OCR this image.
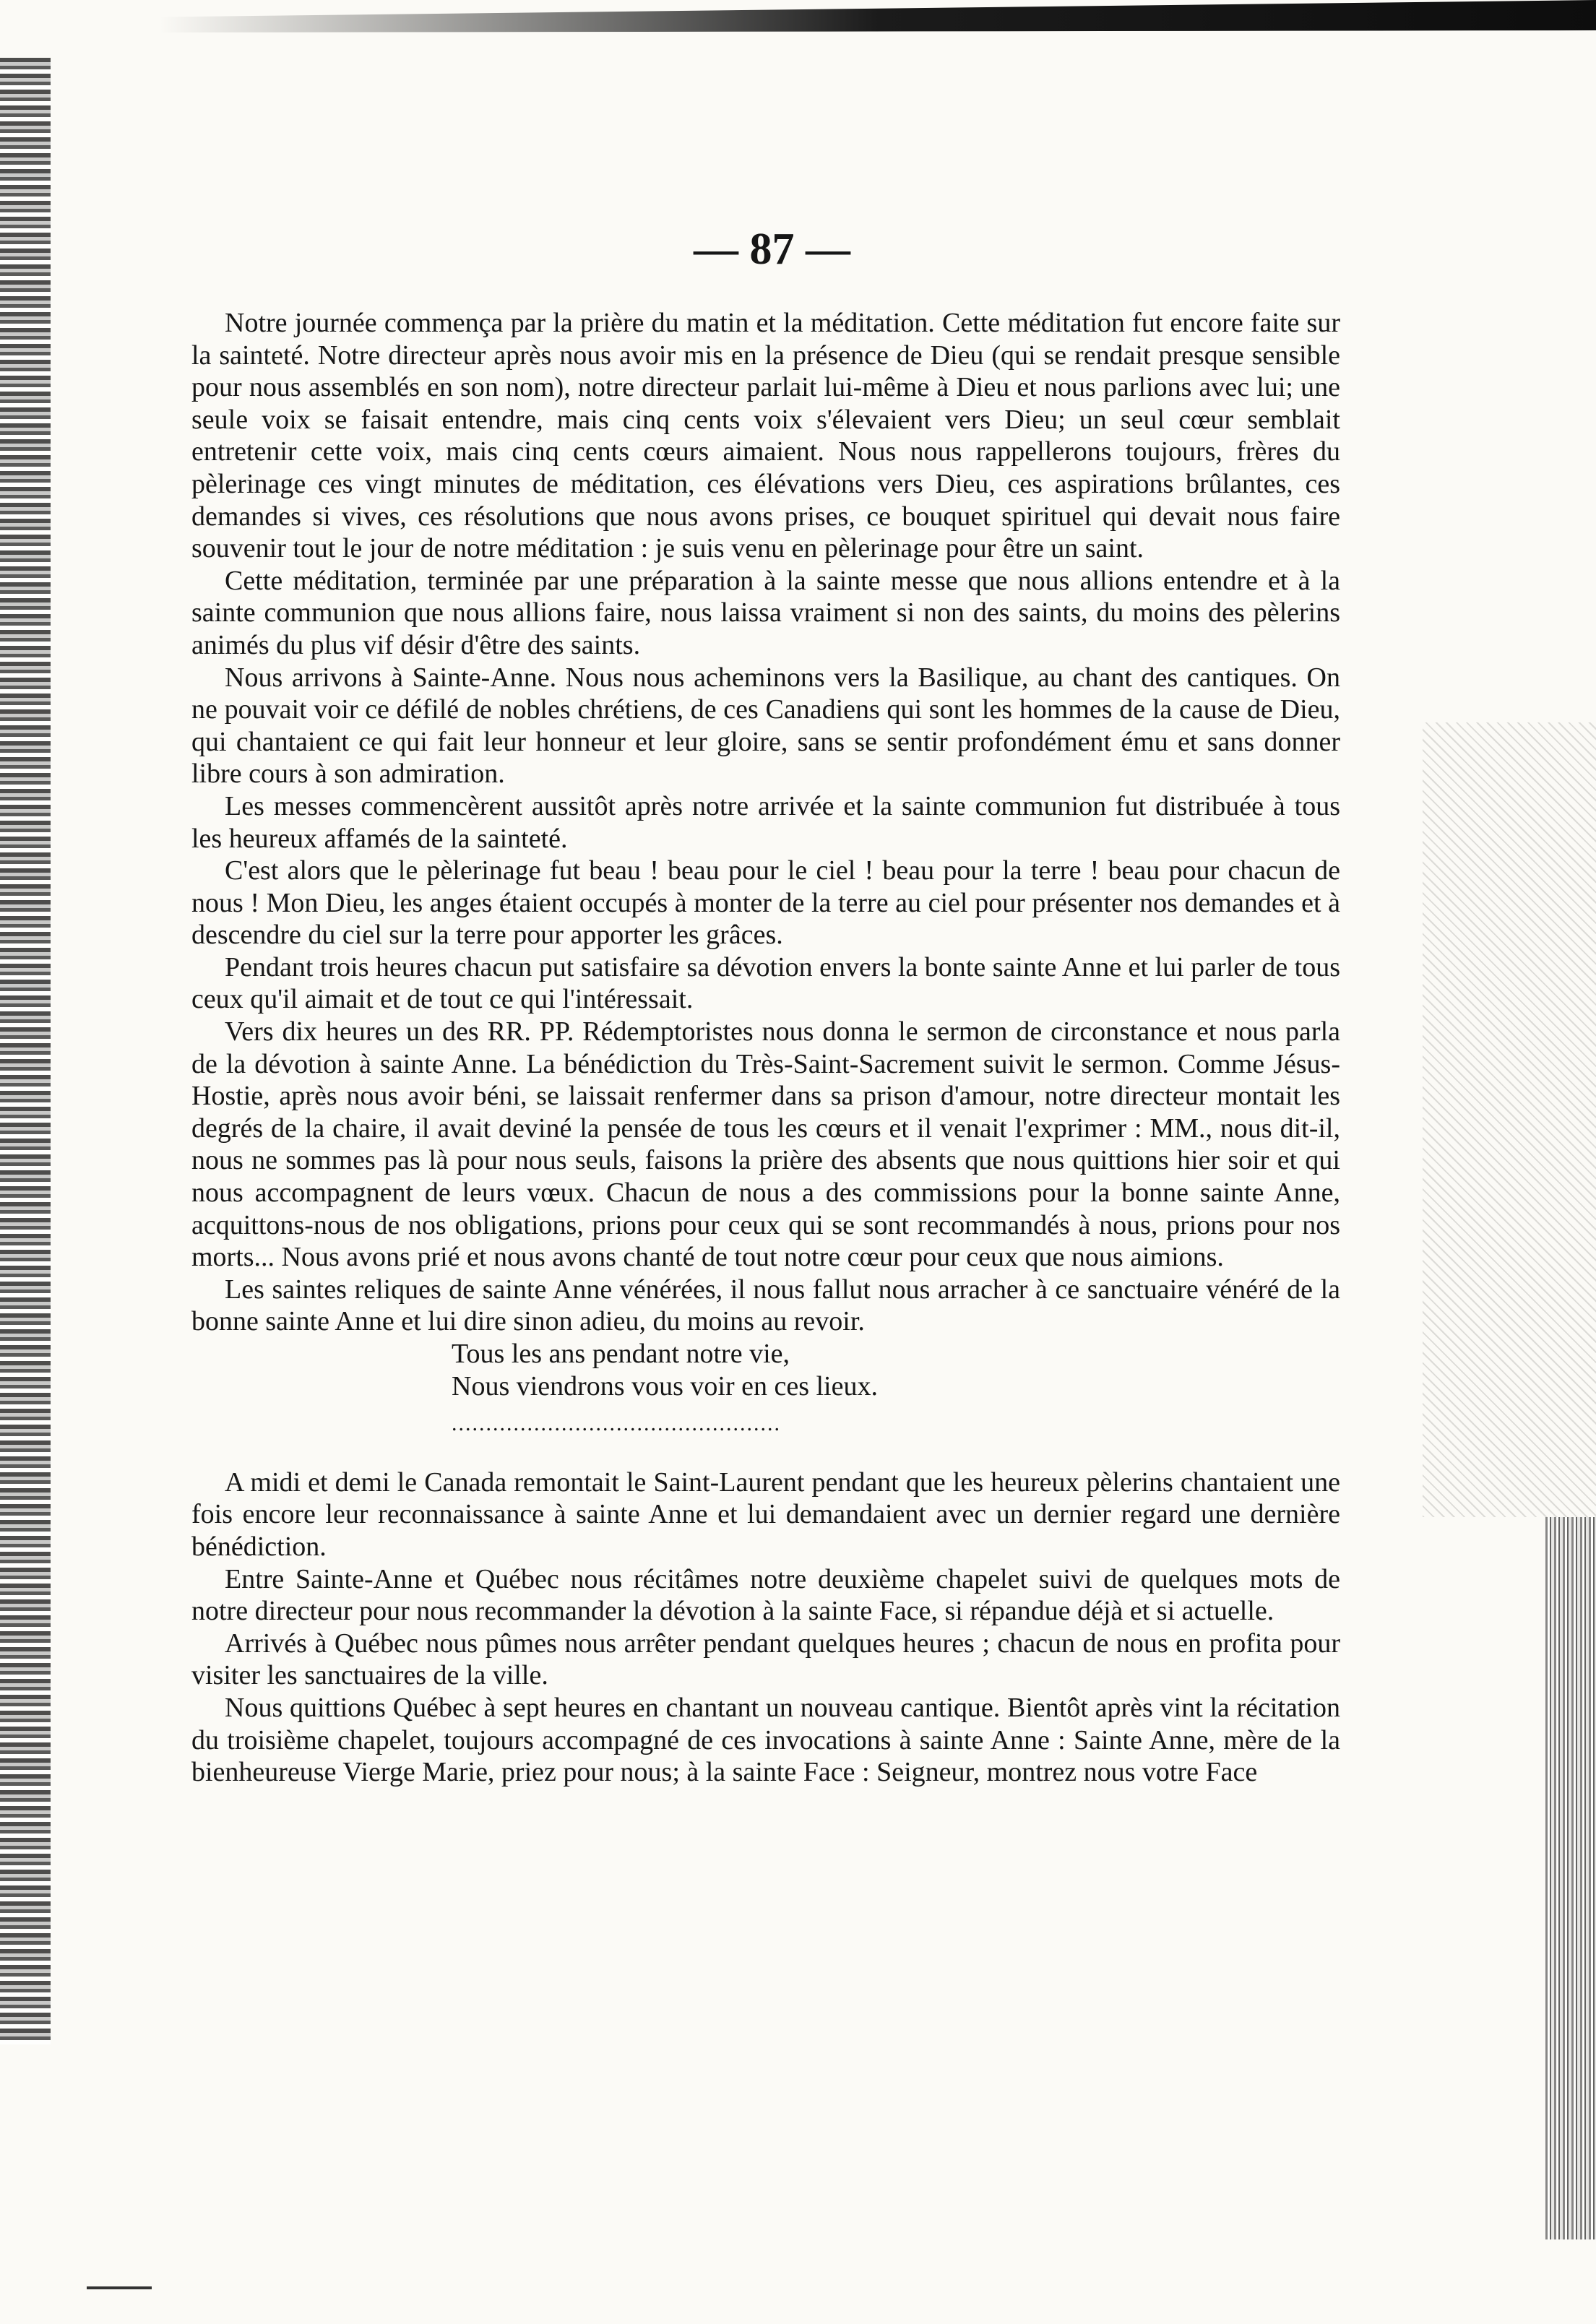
— 87 —

Notre journée commença par la prière du matin et la méditation. Cette méditation fut encore faite sur la sainteté. Notre directeur après nous avoir mis en la présence de Dieu (qui se rendait presque sensible pour nous assemblés en son nom), notre directeur parlait lui-même à Dieu et nous parlions avec lui; une seule voix se faisait entendre, mais cinq cents voix s'élevaient vers Dieu; un seul cœur semblait entretenir cette voix, mais cinq cents cœurs aimaient. Nous nous rappellerons toujours, frères du pèlerinage ces vingt minutes de méditation, ces élévations vers Dieu, ces aspirations brûlantes, ces demandes si vives, ces résolutions que nous avons prises, ce bouquet spirituel qui devait nous faire souvenir tout le jour de notre méditation : je suis venu en pèlerinage pour être un saint.

Cette méditation, terminée par une préparation à la sainte messe que nous allions entendre et à la sainte communion que nous allions faire, nous laissa vraiment si non des saints, du moins des pèlerins animés du plus vif désir d'être des saints.

Nous arrivons à Sainte-Anne. Nous nous acheminons vers la Basilique, au chant des cantiques. On ne pouvait voir ce défilé de nobles chrétiens, de ces Canadiens qui sont les hommes de la cause de Dieu, qui chantaient ce qui fait leur honneur et leur gloire, sans se sentir profondément ému et sans donner libre cours à son admiration.

Les messes commencèrent aussitôt après notre arrivée et la sainte communion fut distribuée à tous les heureux affamés de la sainteté.

C'est alors que le pèlerinage fut beau ! beau pour le ciel ! beau pour la terre ! beau pour chacun de nous ! Mon Dieu, les anges étaient occupés à monter de la terre au ciel pour présenter nos demandes et à descendre du ciel sur la terre pour apporter les grâces.

Pendant trois heures chacun put satisfaire sa dévotion envers la bonte sainte Anne et lui parler de tous ceux qu'il aimait et de tout ce qui l'intéressait.

Vers dix heures un des RR. PP. Rédemptoristes nous donna le sermon de circonstance et nous parla de la dévotion à sainte Anne. La bénédiction du Très-Saint-Sacrement suivit le sermon. Comme Jésus-Hostie, après nous avoir béni, se laissait renfermer dans sa prison d'amour, notre directeur montait les degrés de la chaire, il avait deviné la pensée de tous les cœurs et il venait l'exprimer : MM., nous dit-il, nous ne sommes pas là pour nous seuls, faisons la prière des absents que nous quittions hier soir et qui nous accompagnent de leurs vœux. Chacun de nous a des commissions pour la bonne sainte Anne, acquittons-nous de nos obligations, prions pour ceux qui se sont recommandés à nous, prions pour nos morts... Nous avons prié et nous avons chanté de tout notre cœur pour ceux que nous aimions.

Les saintes reliques de sainte Anne vénérées, il nous fallut nous arracher à ce sanctuaire vénéré de la bonne sainte Anne et lui dire sinon adieu, du moins au revoir.

Tous les ans pendant notre vie,
Nous viendrons vous voir en ces lieux.
................................................

A midi et demi le Canada remontait le Saint-Laurent pendant que les heureux pèlerins chantaient une fois encore leur reconnaissance à sainte Anne et lui demandaient avec un dernier regard une dernière bénédiction.

Entre Sainte-Anne et Québec nous récitâmes notre deuxième chapelet suivi de quelques mots de notre directeur pour nous recommander la dévotion à la sainte Face, si répandue déjà et si actuelle.

Arrivés à Québec nous pûmes nous arrêter pendant quelques heures ; chacun de nous en profita pour visiter les sanctuaires de la ville.

Nous quittions Québec à sept heures en chantant un nouveau cantique. Bientôt après vint la récitation du troisième chapelet, toujours accompagné de ces invocations à sainte Anne : Sainte Anne, mère de la bienheureuse Vierge Marie, priez pour nous; à la sainte Face : Seigneur, montrez nous votre Face
